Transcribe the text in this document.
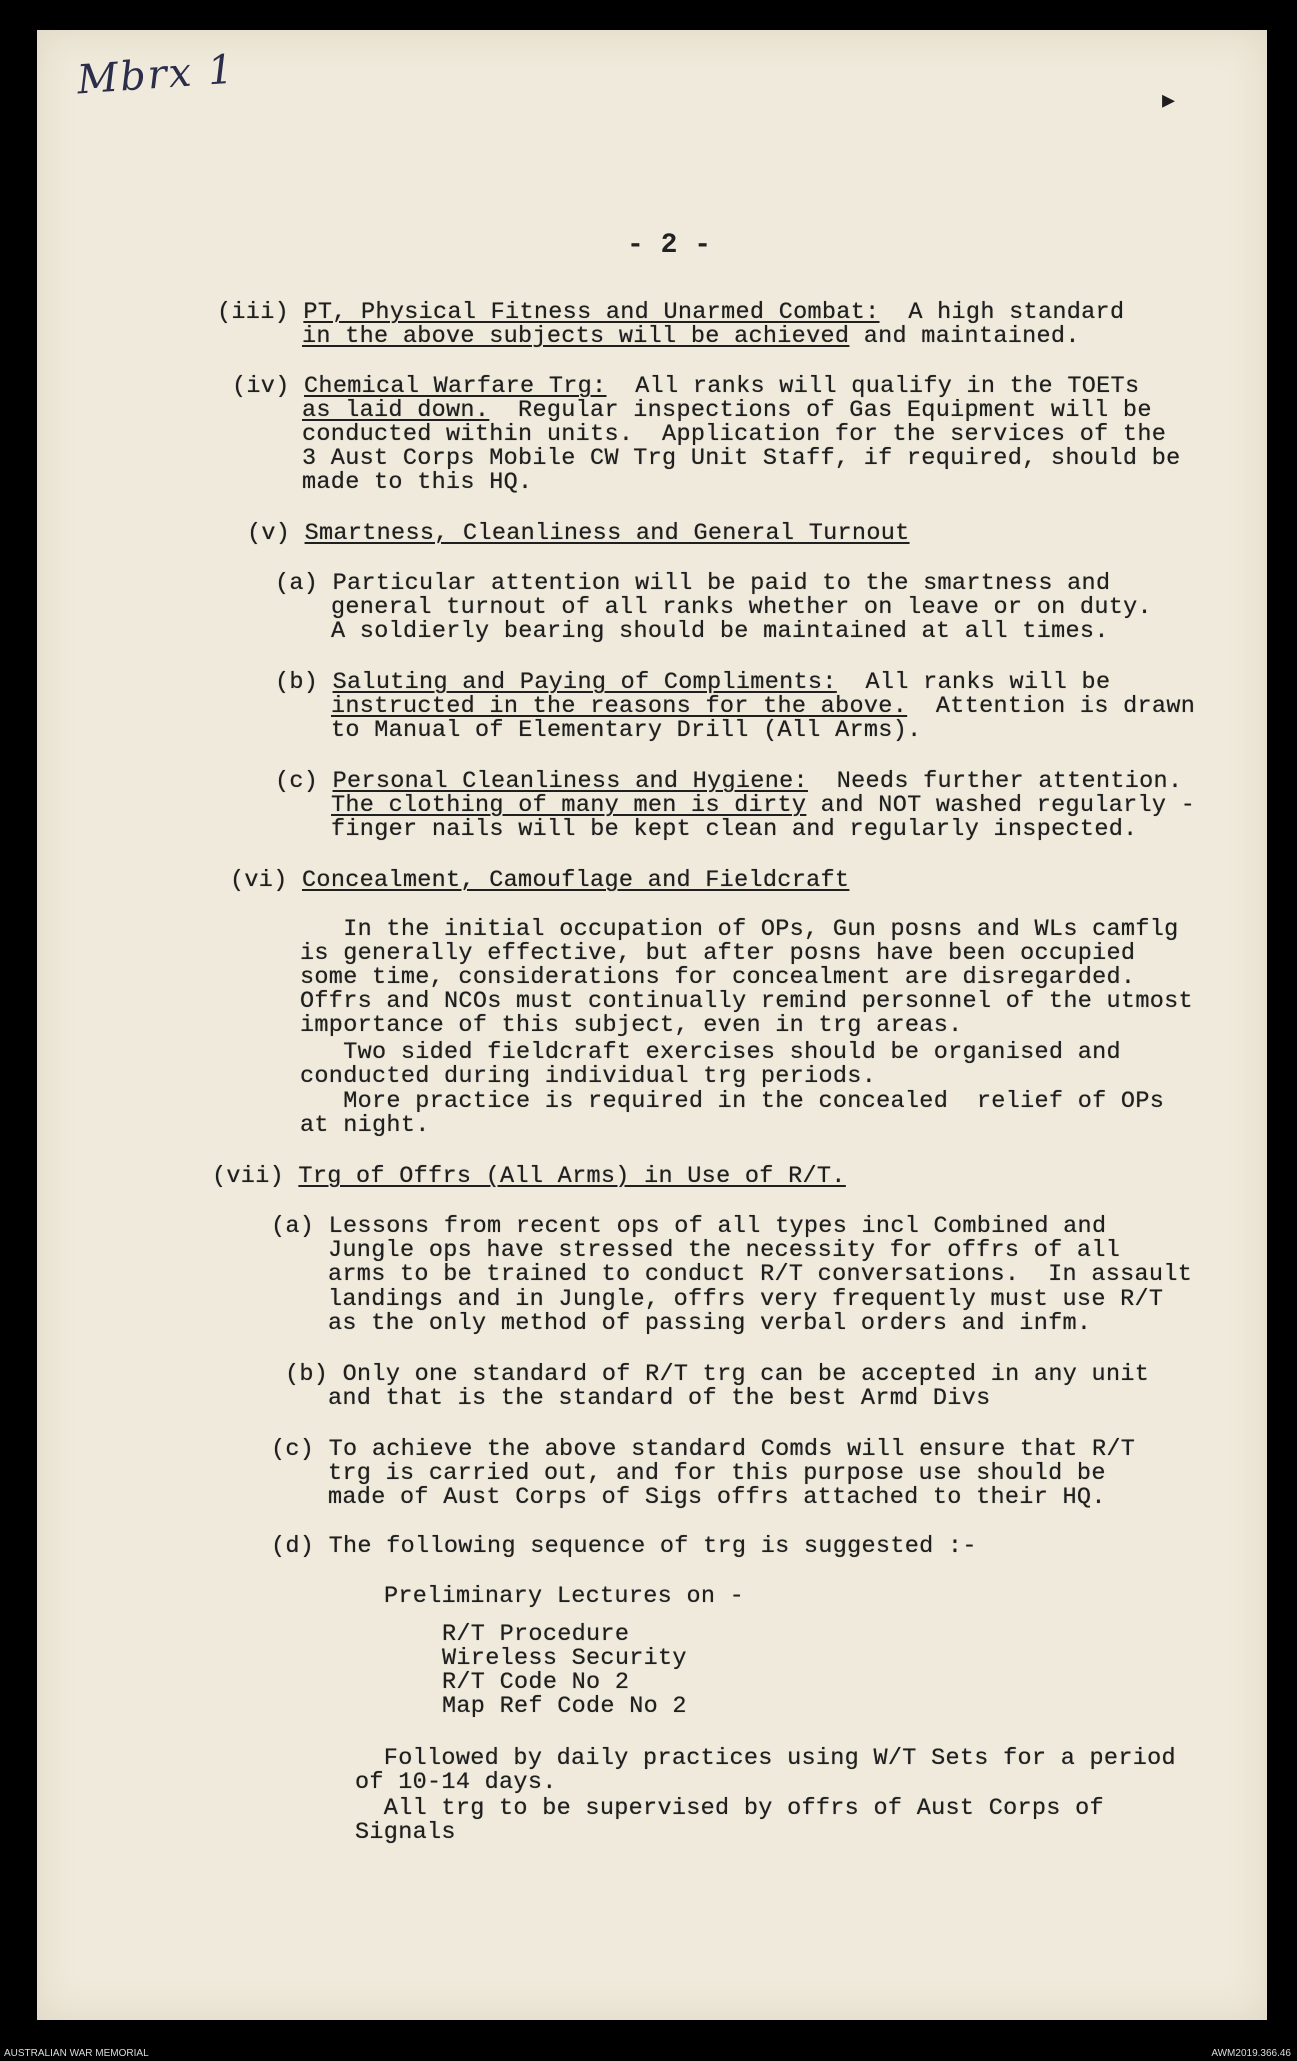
Mbrx 1	▸
- 2 -
(iii) PT, Physical Fitness and Unarmed Combat:  A high standard
in the above subjects will be achieved and maintained.
(iv) Chemical Warfare Trg:  All ranks will qualify in the TOETs
as laid down.  Regular inspections of Gas Equipment will be
conducted within units.  Application for the services of the
3 Aust Corps Mobile CW Trg Unit Staff, if required, should be
made to this HQ.
(v) Smartness, Cleanliness and General Turnout
(a) Particular attention will be paid to the smartness and
general turnout of all ranks whether on leave or on duty.
A soldierly bearing should be maintained at all times.
(b) Saluting and Paying of Compliments:  All ranks will be
instructed in the reasons for the above.  Attention is drawn
to Manual of Elementary Drill (All Arms).
(c) Personal Cleanliness and Hygiene:  Needs further attention.
The clothing of many men is dirty and NOT washed regularly -
finger nails will be kept clean and regularly inspected.
(vi) Concealment, Camouflage and Fieldcraft
In the initial occupation of OPs, Gun posns and WLs camflg
is generally effective, but after posns have been occupied
some time, considerations for concealment are disregarded.
Offrs and NCOs must continually remind personnel of the utmost
importance of this subject, even in trg areas.
Two sided fieldcraft exercises should be organised and
conducted during individual trg periods.
More practice is required in the concealed  relief of OPs
at night.
(vii) Trg of Offrs (All Arms) in Use of R/T.
(a) Lessons from recent ops of all types incl Combined and
Jungle ops have stressed the necessity for offrs of all
arms to be trained to conduct R/T conversations.  In assault
landings and in Jungle, offrs very frequently must use R/T
as the only method of passing verbal orders and infm.
(b) Only one standard of R/T trg can be accepted in any unit
and that is the standard of the best Armd Divs
(c) To achieve the above standard Comds will ensure that R/T
trg is carried out, and for this purpose use should be
made of Aust Corps of Sigs offrs attached to their HQ.
(d) The following sequence of trg is suggested :-
Preliminary Lectures on -
R/T Procedure
Wireless Security
R/T Code No 2
Map Ref Code No 2
Followed by daily practices using W/T Sets for a period
of 10-14 days.
All trg to be supervised by offrs of Aust Corps of
Signals
AUSTRALIAN WAR MEMORIAL	AWM2019.366.46
